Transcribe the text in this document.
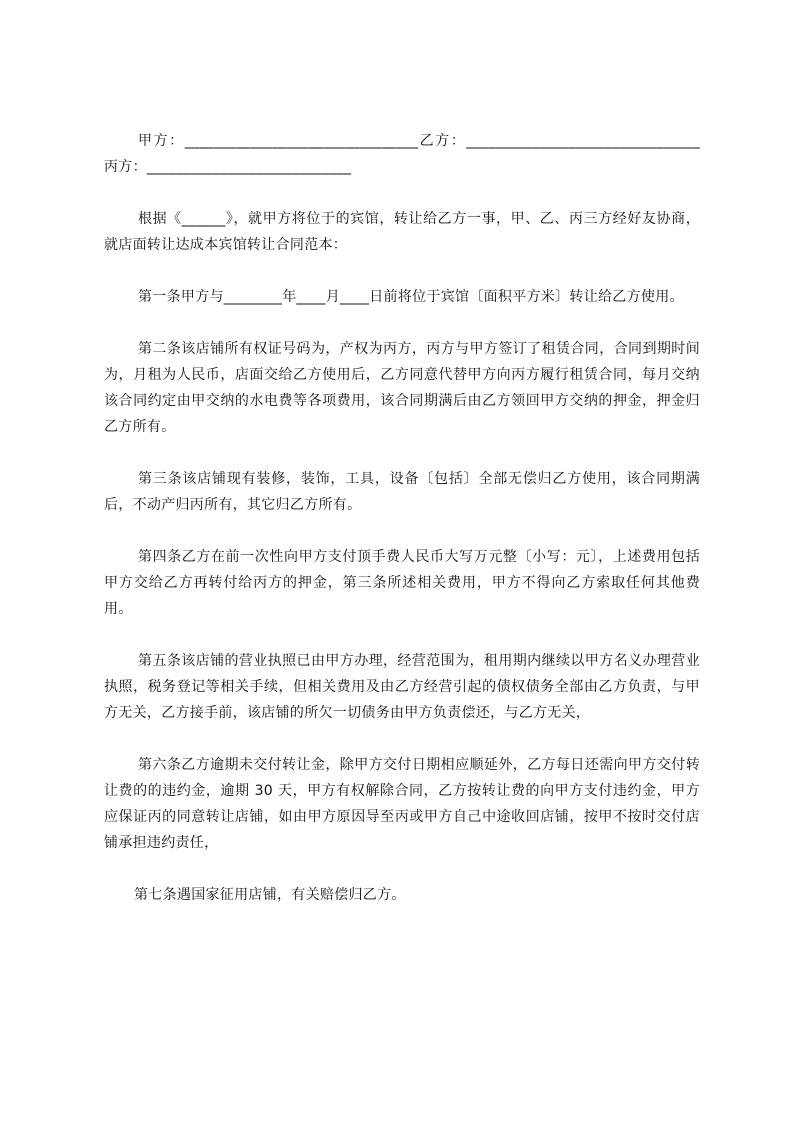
甲方：________________________________乙方：________________________________丙方：____________________________

根据《______》，就甲方将位于的宾馆，转让给乙方一事，甲、乙、丙三方经好友协商，就店面转让达成本宾馆转让合同范本：

第一条甲方与________年____月____日前将位于宾馆〔面积平方米〕转让给乙方使用。

第二条该店铺所有权证号码为，产权为丙方，丙方与甲方签订了租赁合同，合同到期时间为，月租为人民币，店面交给乙方使用后，乙方同意代替甲方向丙方履行租赁合同，每月交纳该合同约定由甲交纳的水电费等各项费用，该合同期满后由乙方领回甲方交纳的押金，押金归乙方所有。

第三条该店铺现有装修，装饰，工具，设备〔包括〕全部无偿归乙方使用，该合同期满后，不动产归丙所有，其它归乙方所有。

第四条乙方在前一次性向甲方支付顶手费人民币大写万元整〔小写：元〕，上述费用包括甲方交给乙方再转付给丙方的押金，第三条所述相关费用，甲方不得向乙方索取任何其他费用。

第五条该店铺的营业执照已由甲方办理，经营范围为，租用期内继续以甲方名义办理营业执照，税务登记等相关手续，但相关费用及由乙方经营引起的债权债务全部由乙方负责，与甲方无关，乙方接手前，该店铺的所欠一切债务由甲方负责偿还，与乙方无关，

第六条乙方逾期未交付转让金，除甲方交付日期相应顺延外，乙方每日还需向甲方交付转让费的的违约金，逾期 30 天，甲方有权解除合同，乙方按转让费的向甲方支付违约金，甲方应保证丙的同意转让店铺，如由甲方原因导至丙或甲方自己中途收回店铺，按甲不按时交付店铺承担违约责任，

第七条遇国家征用店铺，有关赔偿归乙方。
